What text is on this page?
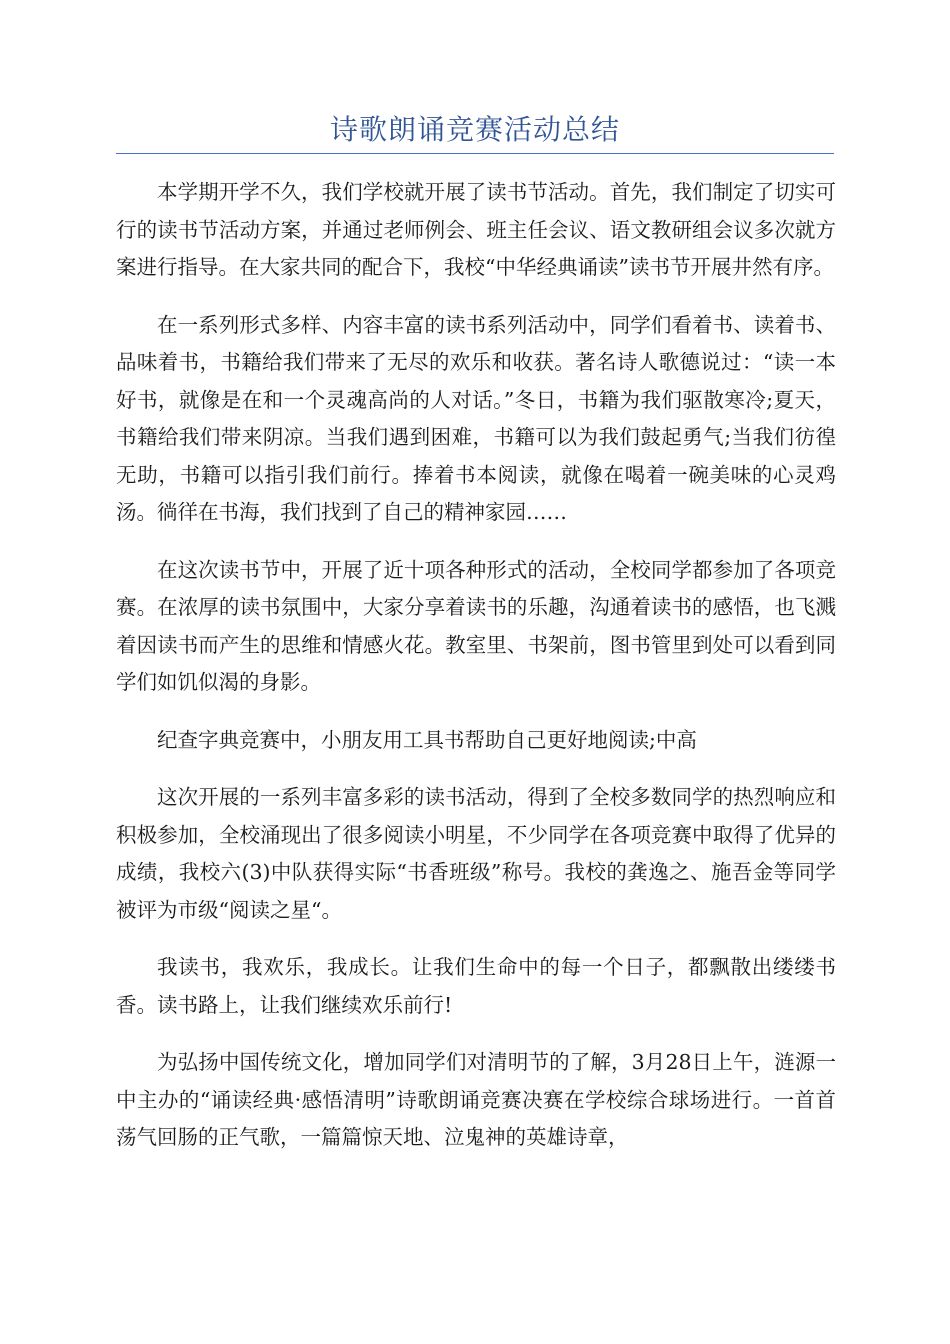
诗歌朗诵竞赛活动总结

本学期开学不久，我们学校就开展了读书节活动。首先，我们制定了切实可行的读书节活动方案，并通过老师例会、班主任会议、语文教研组会议多次就方案进行指导。在大家共同的配合下，我校“中华经典诵读”读书节开展井然有序。

在一系列形式多样、内容丰富的读书系列活动中，同学们看着书、读着书、品味着书，书籍给我们带来了无尽的欢乐和收获。著名诗人歌德说过：“读一本好书，就像是在和一个灵魂高尚的人对话。”冬日，书籍为我们驱散寒冷;夏天，书籍给我们带来阴凉。当我们遇到困难，书籍可以为我们鼓起勇气;当我们彷徨无助，书籍可以指引我们前行。捧着书本阅读，就像在喝着一碗美味的心灵鸡汤。徜徉在书海，我们找到了自己的精神家园……

在这次读书节中，开展了近十项各种形式的活动，全校同学都参加了各项竞赛。在浓厚的读书氛围中，大家分享着读书的乐趣，沟通着读书的感悟，也飞溅着因读书而产生的思维和情感火花。教室里、书架前，图书管里到处可以看到同学们如饥似渴的身影。

纪查字典竞赛中，小朋友用工具书帮助自己更好地阅读;中高

这次开展的一系列丰富多彩的读书活动，得到了全校多数同学的热烈响应和积极参加，全校涌现出了很多阅读小明星，不少同学在各项竞赛中取得了优异的成绩，我校六(3)中队获得实际“书香班级”称号。我校的龚逸之、施吾金等同学被评为市级“阅读之星“。

我读书，我欢乐，我成长。让我们生命中的每一个日子，都飘散出缕缕书香。读书路上，让我们继续欢乐前行!

为弘扬中国传统文化，增加同学们对清明节的了解，3月28日上午，涟源一中主办的“诵读经典·感悟清明”诗歌朗诵竞赛决赛在学校综合球场进行。一首首荡气回肠的正气歌，一篇篇惊天地、泣鬼神的英雄诗章，
